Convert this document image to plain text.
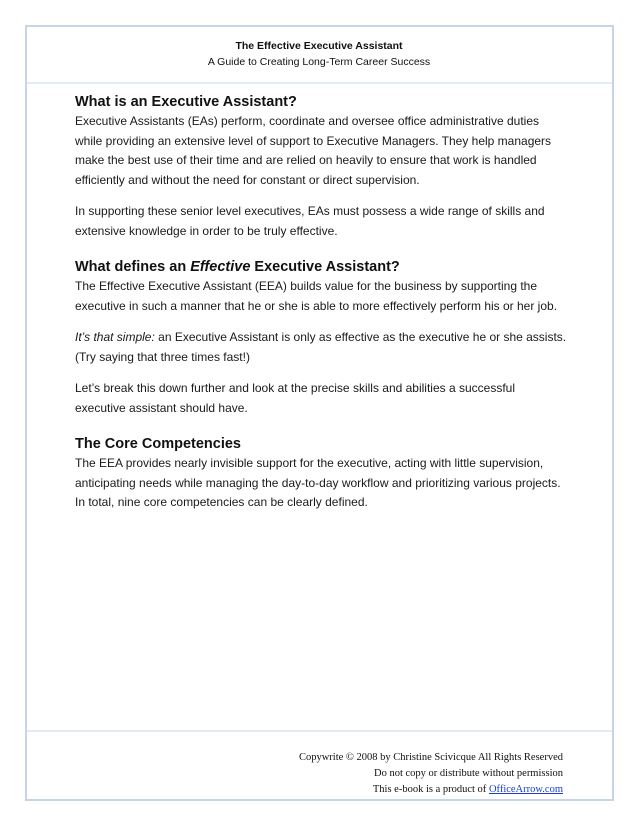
The Effective Executive Assistant
A Guide to Creating Long-Term Career Success
What is an Executive Assistant?

Executive Assistants (EAs) perform, coordinate and oversee office administrative duties while providing an extensive level of support to Executive Managers. They help managers make the best use of their time and are relied on heavily to ensure that work is handled efficiently and without the need for constant or direct supervision.

In supporting these senior level executives, EAs must possess a wide range of skills and extensive knowledge in order to be truly effective.

What defines an Effective Executive Assistant?

The Effective Executive Assistant (EEA) builds value for the business by supporting the executive in such a manner that he or she is able to more effectively perform his or her job.

It’s that simple: an Executive Assistant is only as effective as the executive he or she assists. (Try saying that three times fast!)

Let’s break this down further and look at the precise skills and abilities a successful executive assistant should have.

The Core Competencies

The EEA provides nearly invisible support for the executive, acting with little supervision, anticipating needs while managing the day-to-day workflow and prioritizing various projects. In total, nine core competencies can be clearly defined.

Copywrite © 2008 by Christine Scivicque All Rights Reserved
Do not copy or distribute without permission
This e-book is a product of OfficeArrow.com
